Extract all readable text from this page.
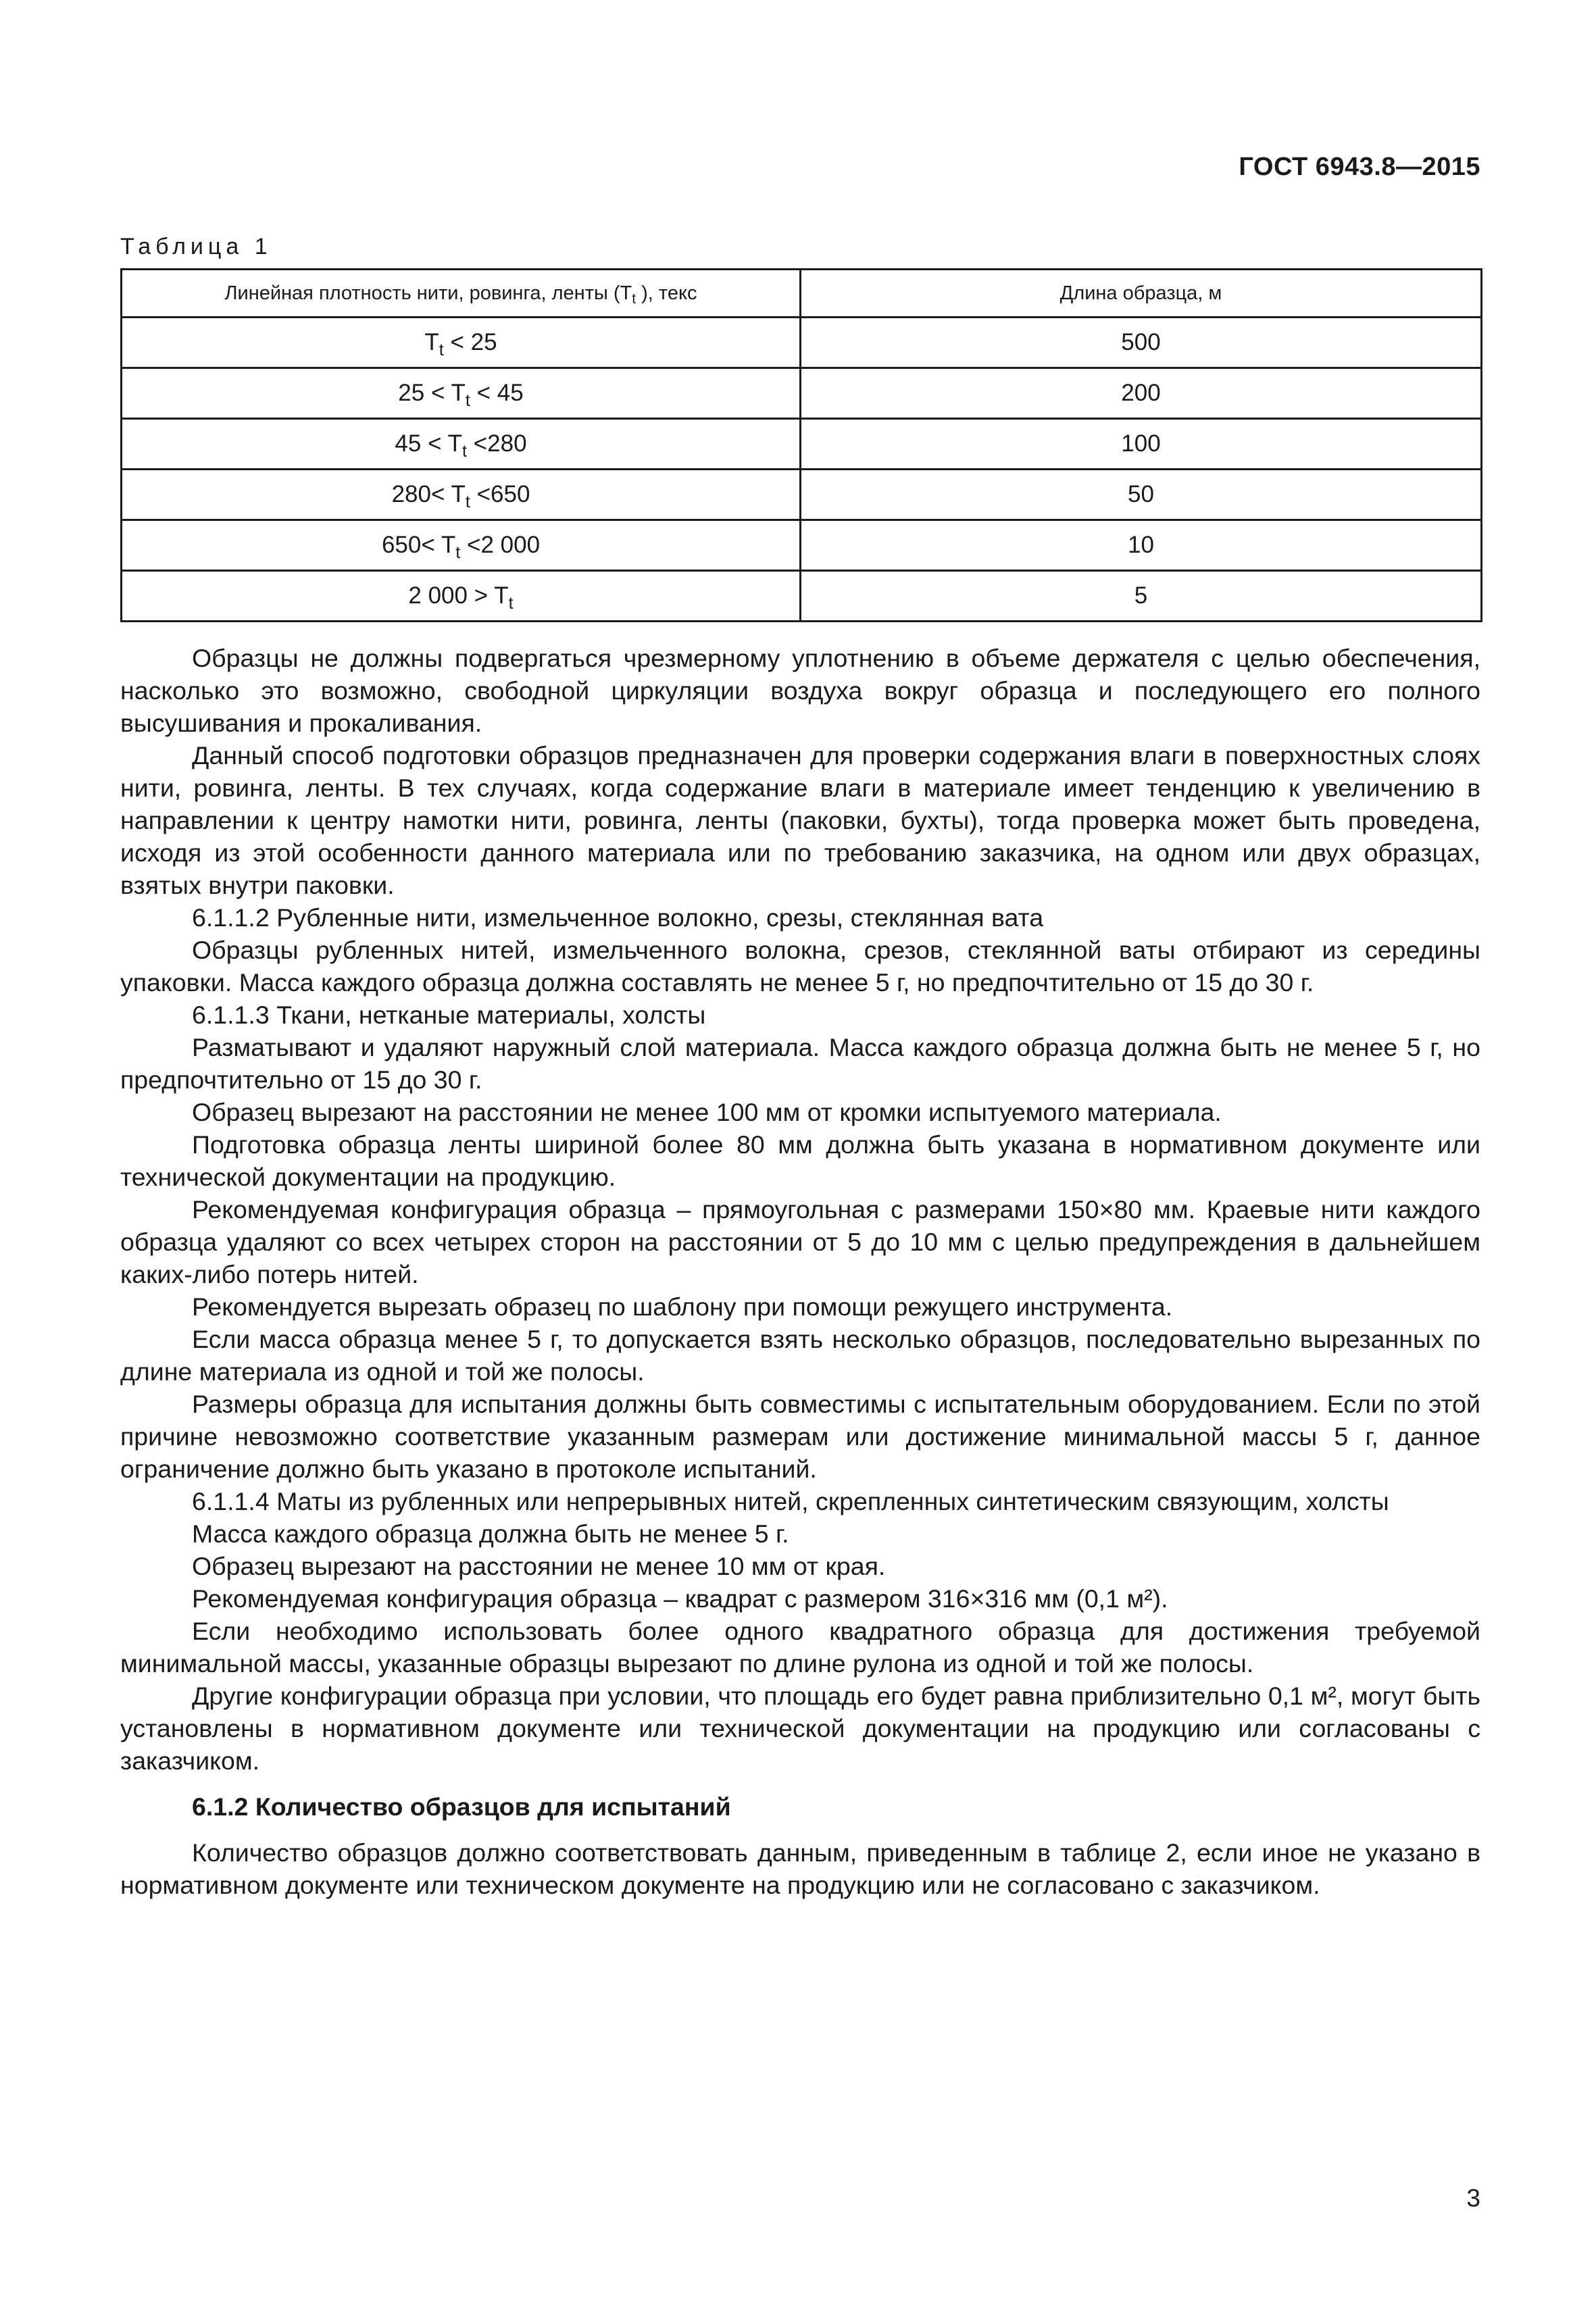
ГОСТ 6943.8—2015
Таблица 1
Линейная плотность нити, ровинга, ленты ($T_t$ ), текс	Длина образца, м
$T_t < 25$	500
$25 < T_t < 45$	200
$45 < T_t <280$	100
$280< T_t <650$	50
$650< T_t <2$ 000	10
2 $000 > T_t$	5

Образцы не должны подвергаться чрезмерному уплотнению в объеме держателя с целью обеспечения, насколько это возможно, свободной циркуляции воздуха вокруг образца и последующего его полного высушивания и прокаливания.

Данный способ подготовки образцов предназначен для проверки содержания влаги в поверхностных слоях нити, ровинга, ленты. В тех случаях, когда содержание влаги в материале имеет тенденцию к увеличению в направлении к центру намотки нити, ровинга, ленты (паковки, бухты), тогда проверка может быть проведена, исходя из этой особенности данного материала или по требованию заказчика, на одном или двух образцах, взятых внутри паковки.

6.1.1.2 Рубленные нити, измельченное волокно, срезы, стеклянная вата

Образцы рубленных нитей, измельченного волокна, срезов, стеклянной ваты отбирают из середины упаковки. Масса каждого образца должна составлять не менее 5 г, но предпочтительно от 15 до 30 г.

6.1.1.3 Ткани, нетканые материалы, холсты

Разматывают и удаляют наружный слой материала. Масса каждого образца должна быть не менее 5 г, но предпочтительно от 15 до 30 г.

Образец вырезают на расстоянии не менее 100 мм от кромки испытуемого материала.

Подготовка образца ленты шириной более 80 мм должна быть указана в нормативном документе или технической документации на продукцию.

Рекомендуемая конфигурация образца – прямоугольная с размерами 150×80 мм. Краевые нити каждого образца удаляют со всех четырех сторон на расстоянии от 5 до 10 мм с целью предупреждения в дальнейшем каких-либо потерь нитей.

Рекомендуется вырезать образец по шаблону при помощи режущего инструмента.

Если масса образца менее 5 г, то допускается взять несколько образцов, последовательно вырезанных по длине материала из одной и той же полосы.

Размеры образца для испытания должны быть совместимы с испытательным оборудованием. Если по этой причине невозможно соответствие указанным размерам или достижение минимальной массы 5 г, данное ограничение должно быть указано в протоколе испытаний.

6.1.1.4 Маты из рубленных или непрерывных нитей, скрепленных синтетическим связующим, холсты

Масса каждого образца должна быть не менее 5 г.

Образец вырезают на расстоянии не менее 10 мм от края.

Рекомендуемая конфигурация образца – квадрат с размером 316×316 мм (0,1 м²).

Если необходимо использовать более одного квадратного образца для достижения требуемой минимальной массы, указанные образцы вырезают по длине рулона из одной и той же полосы.

Другие конфигурации образца при условии, что площадь его будет равна приблизительно 0,1 м², могут быть установлены в нормативном документе или технической документации на продукцию или согласованы с заказчиком.

6.1.2 Количество образцов для испытаний

Количество образцов должно соответствовать данным, приведенным в таблице 2, если иное не указано в нормативном документе или техническом документе на продукцию или не согласовано с заказчиком.

3
